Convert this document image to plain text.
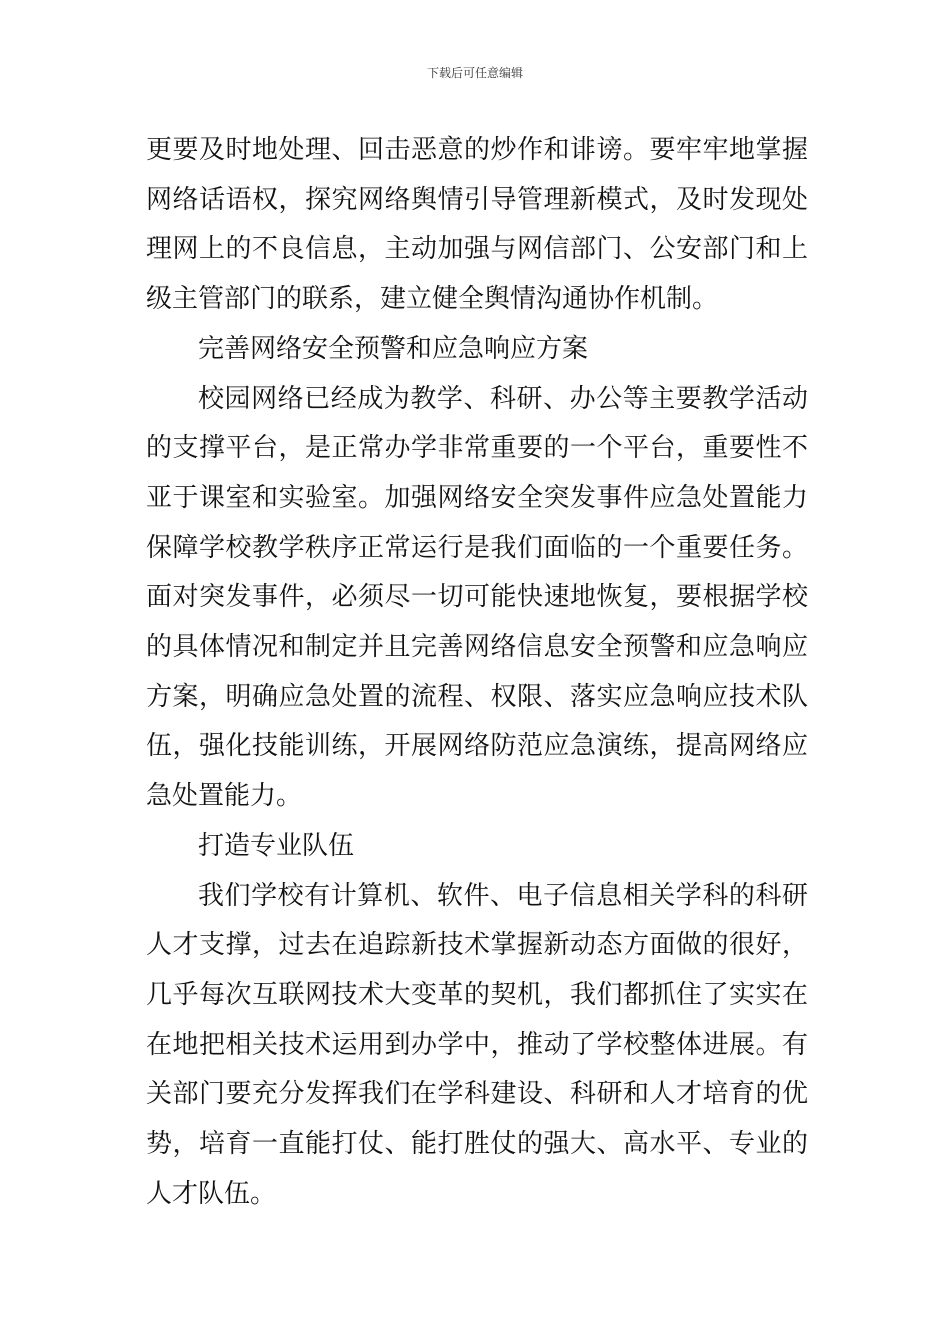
下载后可任意编辑

更要及时地处理、回击恶意的炒作和诽谤。要牢牢地掌握网络话语权，探究网络舆情引导管理新模式，及时发现处理网上的不良信息，主动加强与网信部门、公安部门和上级主管部门的联系，建立健全舆情沟通协作机制。

完善网络安全预警和应急响应方案

校园网络已经成为教学、科研、办公等主要教学活动的支撑平台，是正常办学非常重要的一个平台，重要性不亚于课室和实验室。加强网络安全突发事件应急处置能力保障学校教学秩序正常运行是我们面临的一个重要任务。面对突发事件，必须尽一切可能快速地恢复，要根据学校的具体情况和制定并且完善网络信息安全预警和应急响应方案，明确应急处置的流程、权限、落实应急响应技术队伍，强化技能训练，开展网络防范应急演练，提高网络应急处置能力。

打造专业队伍

我们学校有计算机、软件、电子信息相关学科的科研人才支撑，过去在追踪新技术掌握新动态方面做的很好，几乎每次互联网技术大变革的契机，我们都抓住了实实在在地把相关技术运用到办学中，推动了学校整体进展。有关部门要充分发挥我们在学科建设、科研和人才培育的优势，培育一直能打仗、能打胜仗的强大、高水平、专业的人才队伍。
